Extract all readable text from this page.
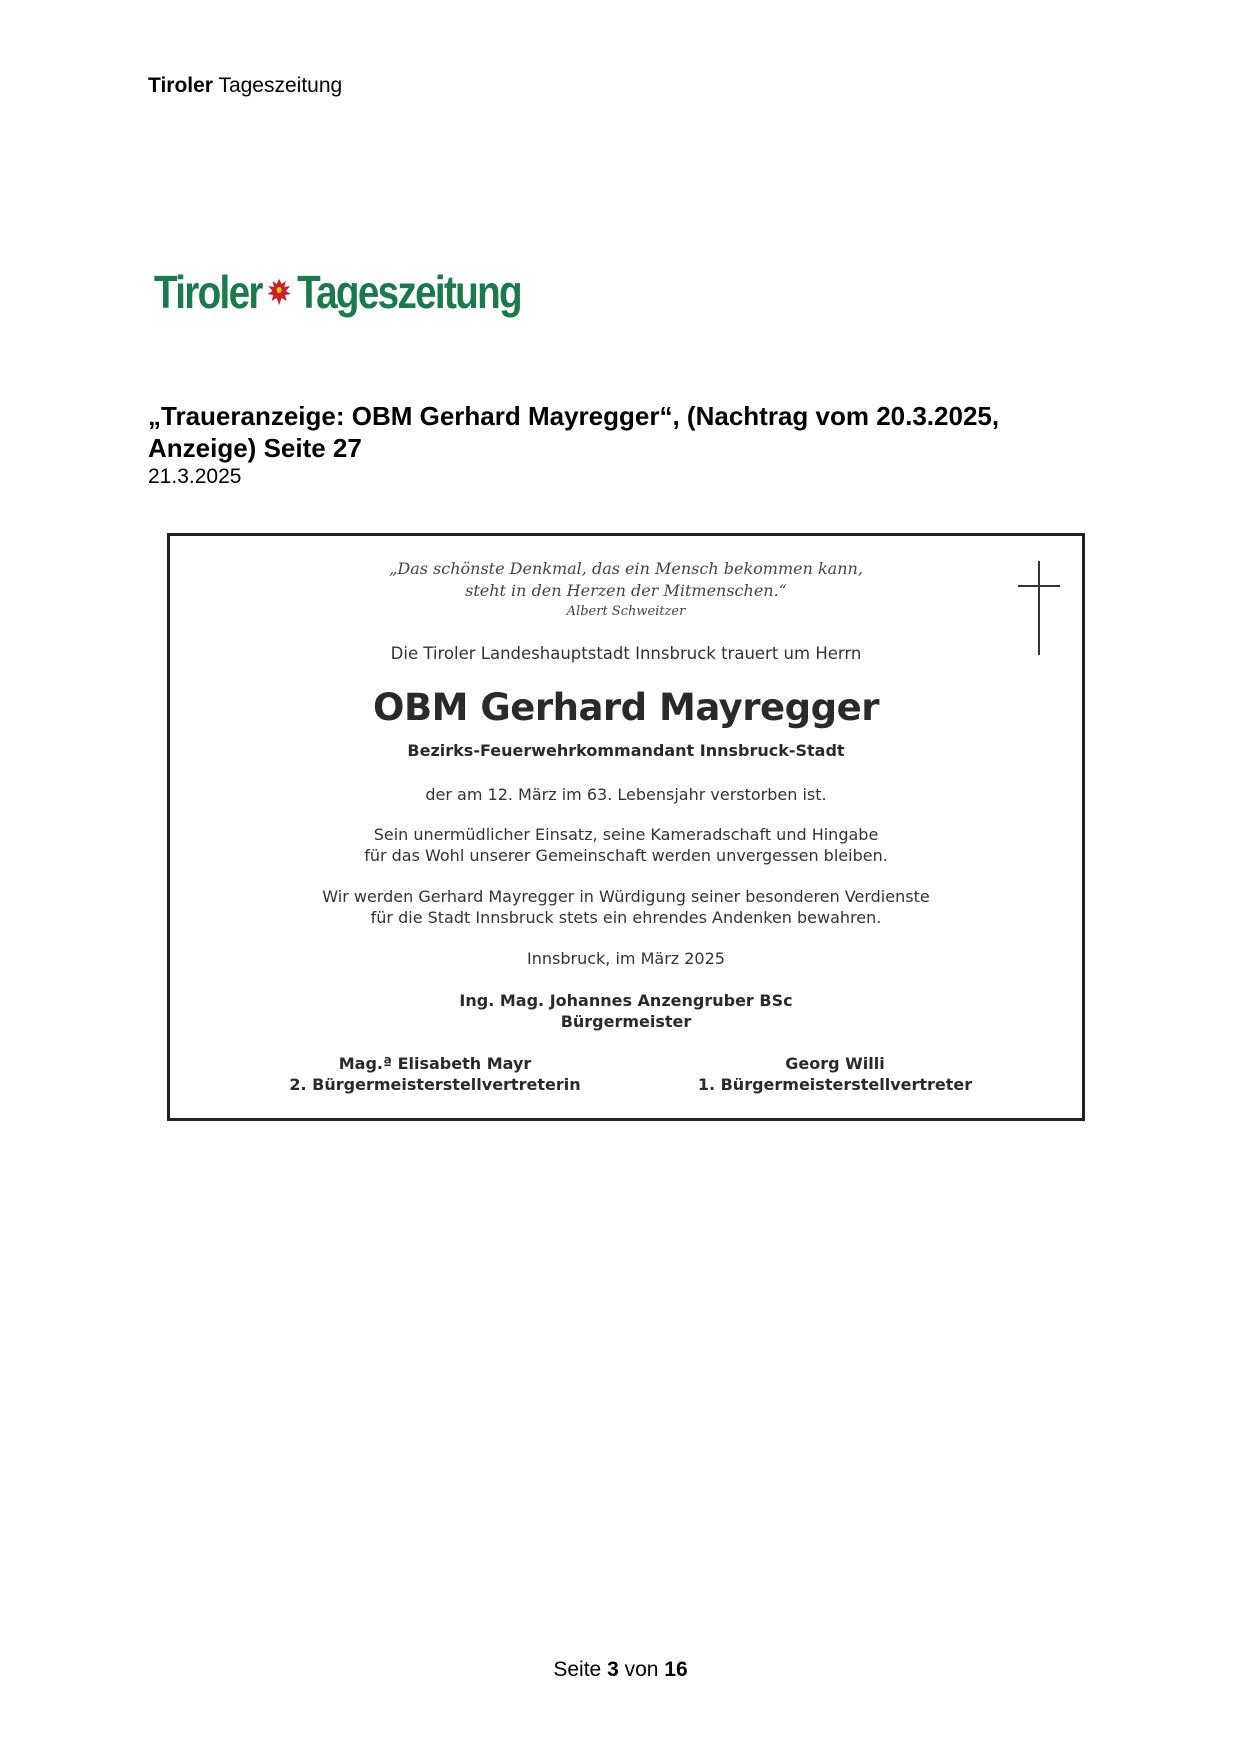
Tiroler Tageszeitung
Tiroler Tageszeitung
„Traueranzeige: OBM Gerhard Mayregger“, (Nachtrag vom 20.3.2025,
Anzeige) Seite 27
21.3.2025
„Das schönste Denkmal, das ein Mensch bekommen kann,
steht in den Herzen der Mitmenschen.“
Albert Schweitzer
Die Tiroler Landeshauptstadt Innsbruck trauert um Herrn
OBM Gerhard Mayregger
Bezirks-Feuerwehrkommandant Innsbruck-Stadt
der am 12. März im 63. Lebensjahr verstorben ist.
Sein unermüdlicher Einsatz, seine Kameradschaft und Hingabe
für das Wohl unserer Gemeinschaft werden unvergessen bleiben.
Wir werden Gerhard Mayregger in Würdigung seiner besonderen Verdienste
für die Stadt Innsbruck stets ein ehrendes Andenken bewahren.
Innsbruck, im März 2025
Ing. Mag. Johannes Anzengruber BSc
Bürgermeister
Mag.ª Elisabeth Mayr
2. Bürgermeisterstellvertreterin
Georg Willi
1. Bürgermeisterstellvertreter
Seite 3 von 16
